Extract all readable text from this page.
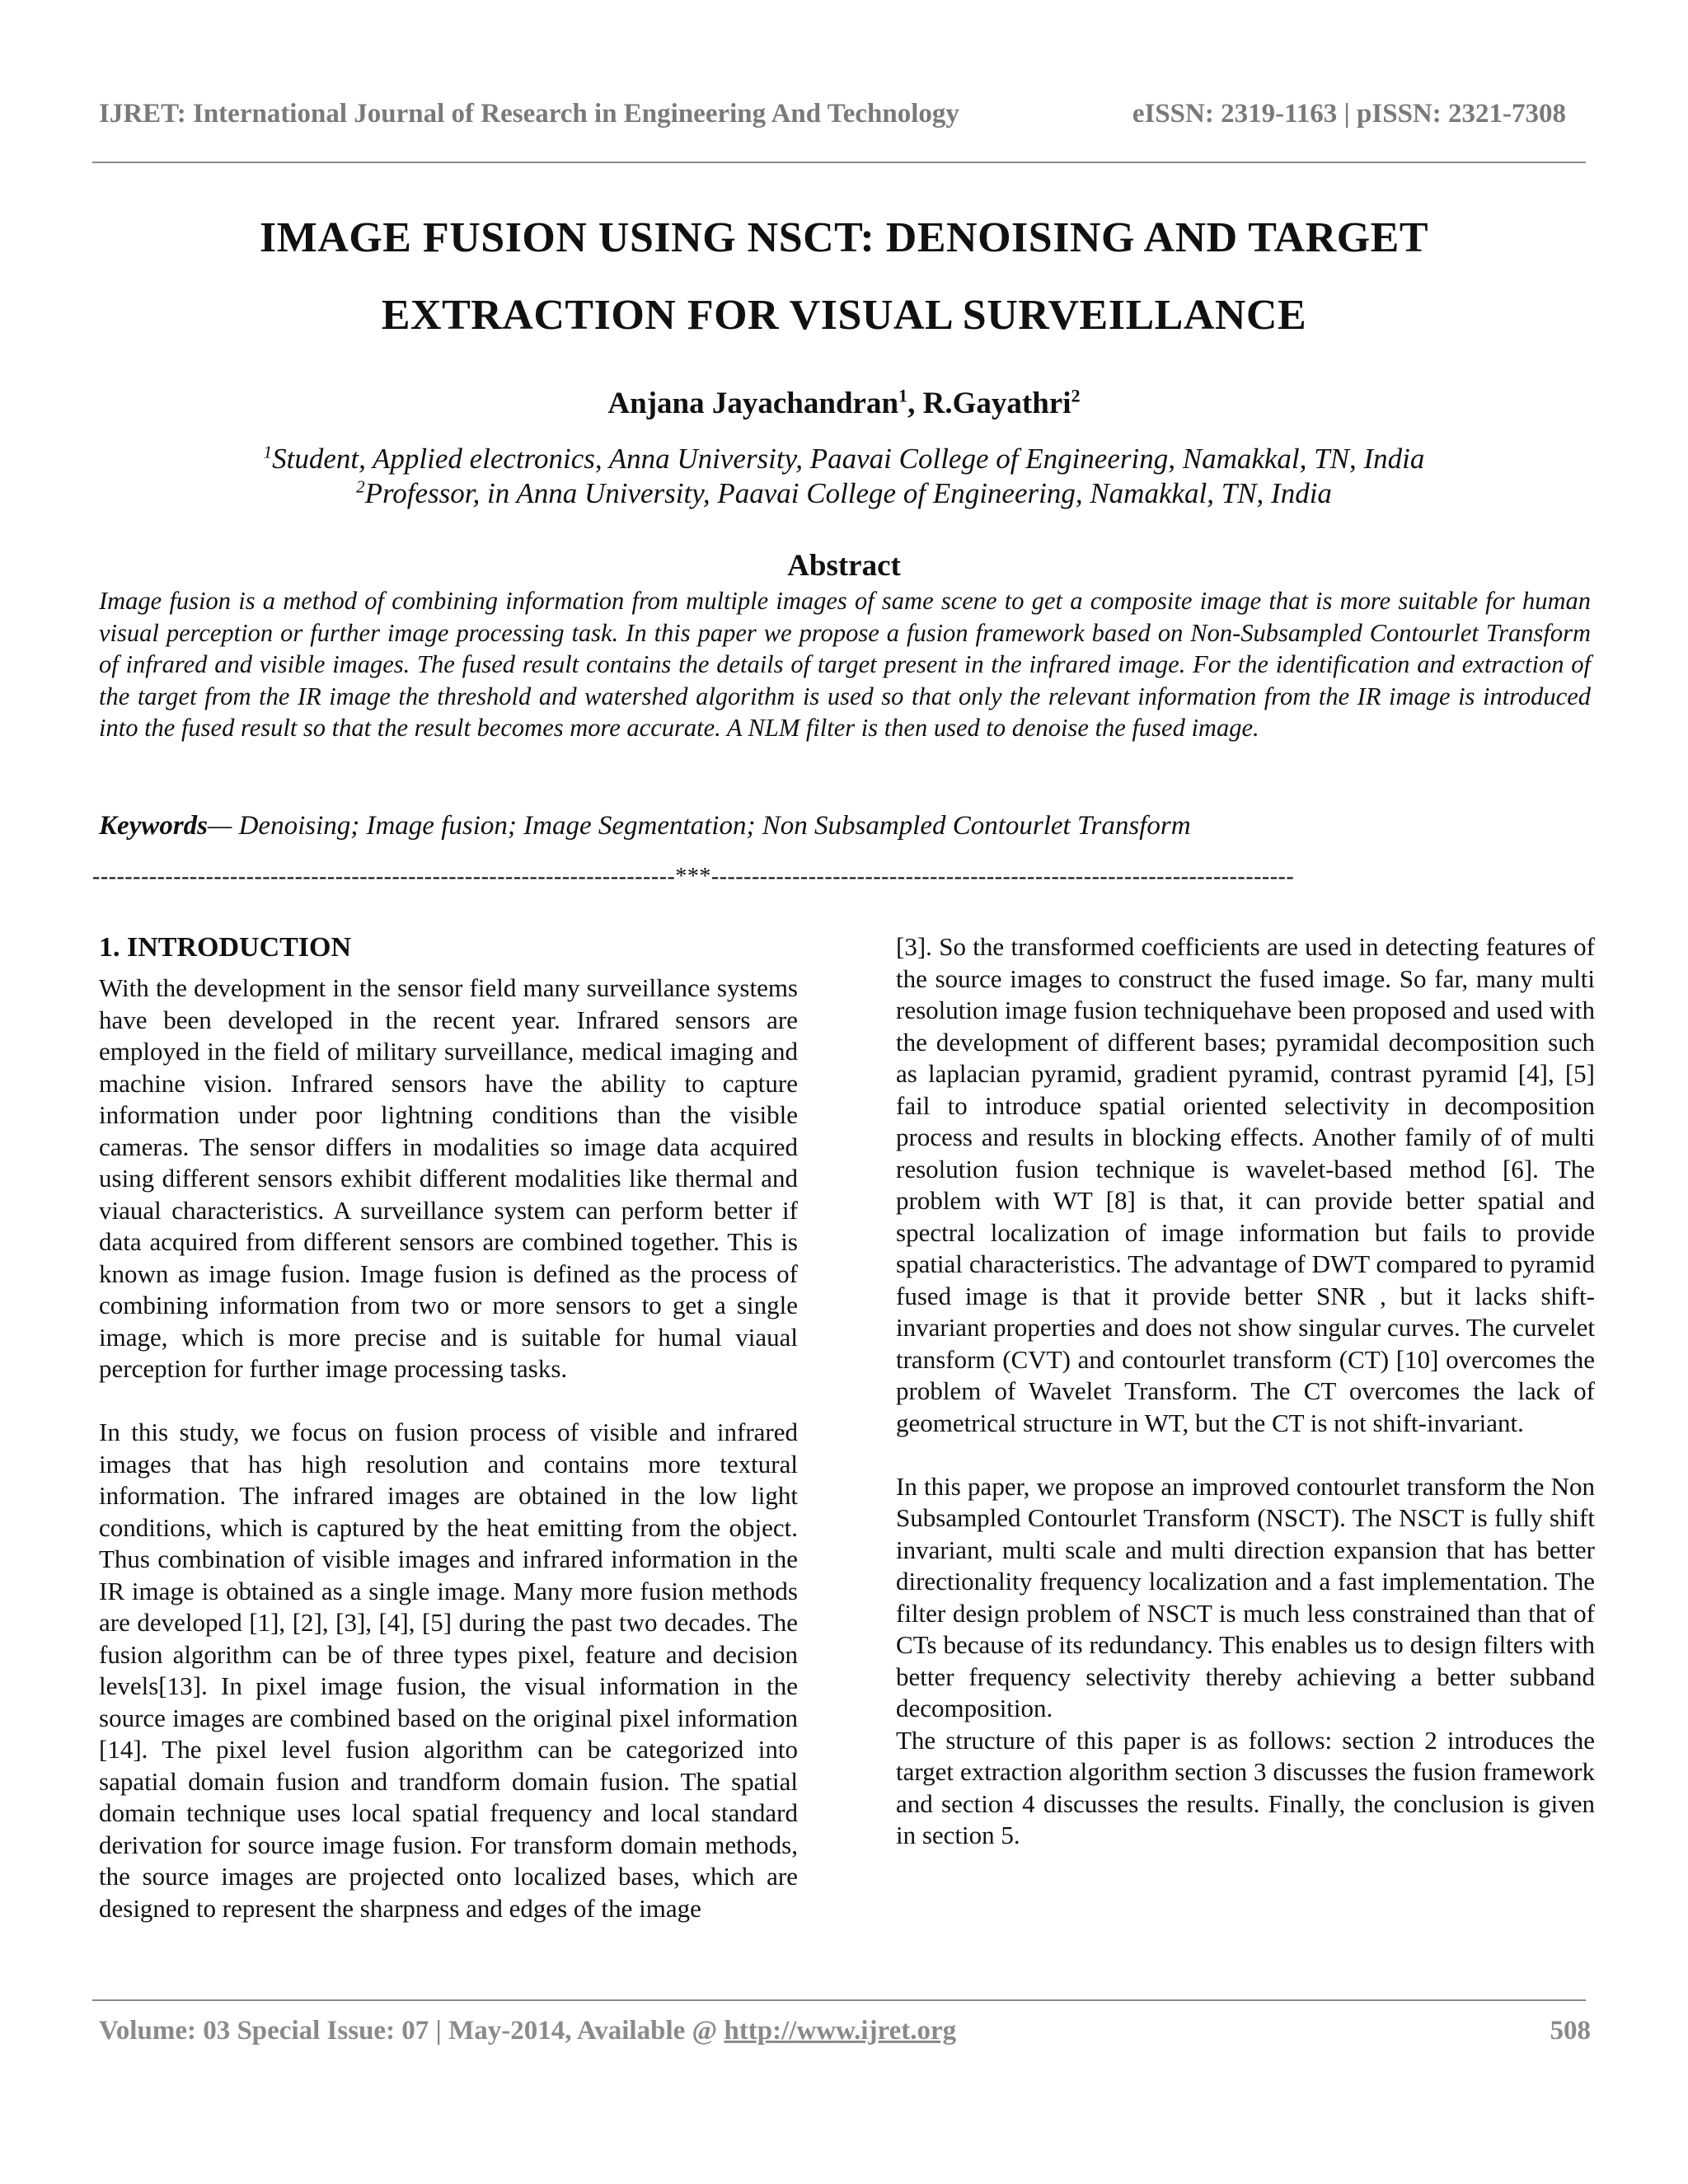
IJRET: International Journal of Research in Engineering And Technology	eISSN: 2319-1163 | pISSN: 2321-7308
IMAGE FUSION USING NSCT: DENOISING AND TARGET
EXTRACTION FOR VISUAL SURVEILLANCE
Anjana Jayachandran$^1$, R.Gayathri$^2$
$^1$Student, Applied electronics, Anna University, Paavai College of Engineering, Namakkal, TN, India
$^2$Professor, in Anna University, Paavai College of Engineering, Namakkal, TN, India
Abstract
Image fusion is a method of combining information from multiple images of same scene to get a composite image that is more suitable for human visual perception or further image processing task. In this paper we propose a fusion framework based on Non-Subsampled Contourlet Transform of infrared and visible images. The fused result contains the details of target present in the infrared image. For the identification and extraction of the target from the IR image the threshold and watershed algorithm is used so that only the relevant information from the IR image is introduced into the fused result so that the result becomes more accurate. A NLM filter is then used to denoise the fused image.
Keywords— Denoising; Image fusion; Image Segmentation; Non Subsampled Contourlet Transform
------------------------------------------------------------------------***------------------------------------------------------------------------
1. INTRODUCTION

With the development in the sensor field many surveillance systems have been developed in the recent year. Infrared sensors are employed in the field of military surveillance, medical imaging and machine vision. Infrared sensors have the ability to capture information under poor lightning conditions than the visible cameras. The sensor differs in modalities so image data acquired using different sensors exhibit different modalities like thermal and viaual characteristics. A surveillance system can perform better if data acquired from different sensors are combined together. This is known as image fusion. Image fusion is defined as the process of combining information from two or more sensors to get a single image, which is more precise and is suitable for humal viaual perception for further image processing tasks.

In this study, we focus on fusion process of visible and infrared images that has high resolution and contains more textural information. The infrared images are obtained in the low light conditions, which is captured by the heat emitting from the object. Thus combination of visible images and infrared information in the IR image is obtained as a single image. Many more fusion methods are developed [1], [2], [3], [4], [5] during the past two decades. The fusion algorithm can be of three types pixel, feature and decision levels[13]. In pixel image fusion, the visual information in the source images are combined based on the original pixel information [14]. The pixel level fusion algorithm can be categorized into sapatial domain fusion and trandform domain fusion. The spatial domain technique uses local spatial frequency and local standard derivation for source image fusion. For transform domain methods, the source images are projected onto localized bases, which are designed to represent the sharpness and edges of the image

[3]. So the transformed coefficients are used in detecting features of the source images to construct the fused image. So far, many multi resolution image fusion techniquehave been proposed and used with the development of different bases; pyramidal decomposition such as laplacian pyramid, gradient pyramid, contrast pyramid [4], [5] fail to introduce spatial oriented selectivity in decomposition process and results in blocking effects. Another family of of multi resolution fusion technique is wavelet-based method [6]. The problem with WT [8] is that, it can provide better spatial and spectral localization of image information but fails to provide spatial characteristics. The advantage of DWT compared to pyramid fused image is that it provide better SNR , but it lacks shift-invariant properties and does not show singular curves. The curvelet transform (CVT) and contourlet transform (CT) [10] overcomes the problem of Wavelet Transform. The CT overcomes the lack of geometrical structure in WT, but the CT is not shift-invariant.

In this paper, we propose an improved contourlet transform the Non Subsampled Contourlet Transform (NSCT). The NSCT is fully shift invariant, multi scale and multi direction expansion that has better directionality frequency localization and a fast implementation. The filter design problem of NSCT is much less constrained than that of CTs because of its redundancy. This enables us to design filters with better frequency selectivity thereby achieving a better subband decomposition.

The structure of this paper is as follows: section 2 introduces the target extraction algorithm section 3 discusses the fusion framework and section 4 discusses the results. Finally, the conclusion is given in section 5.

Volume: 03 Special Issue: 07 | May-2014, Available @ http://www.ijret.org	508
